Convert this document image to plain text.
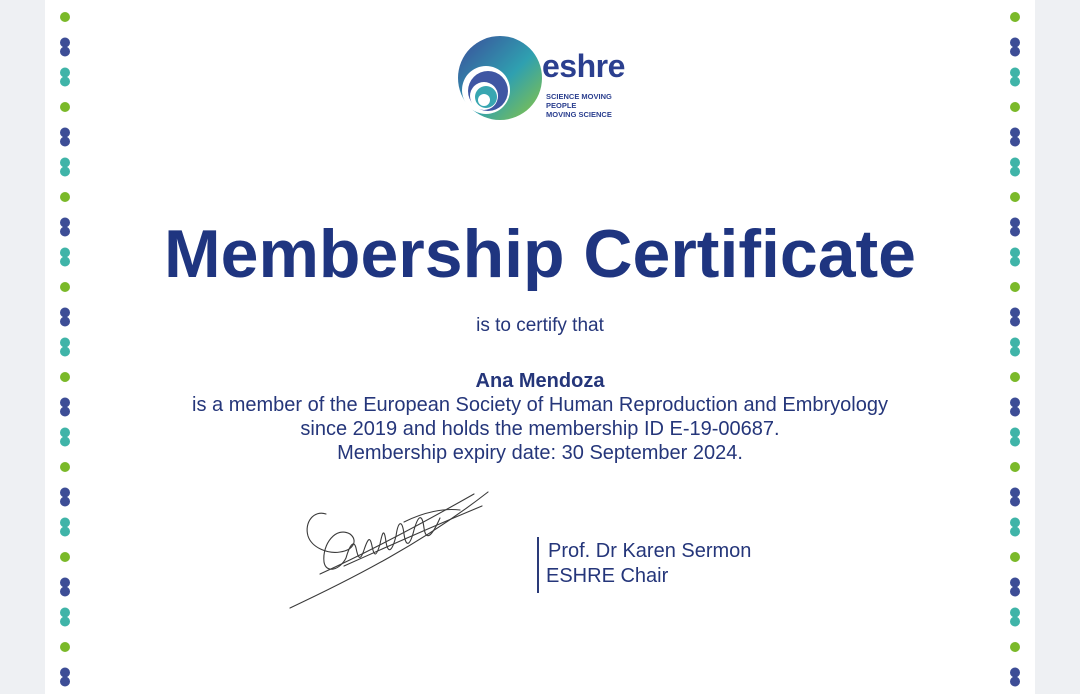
eshre
SCIENCE MOVING
PEOPLE
MOVING SCIENCE
Membership Certificate
is to certify that
Ana Mendoza
is a member of the European Society of Human Reproduction and Embryology
since 2019 and holds the membership ID E-19-00687.
Membership expiry date: 30 September 2024.
Prof. Dr Karen Sermon
ESHRE Chair
